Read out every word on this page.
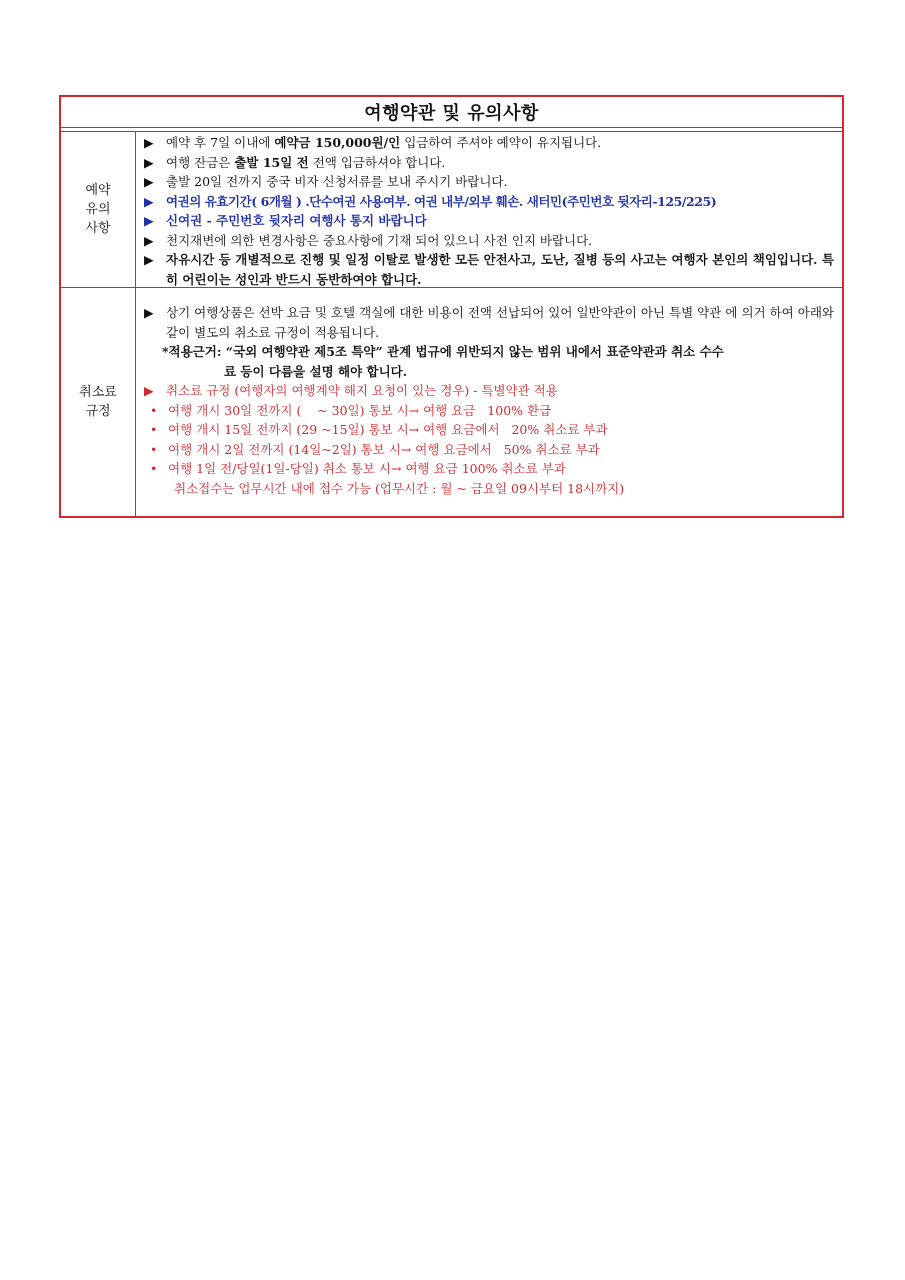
여행약관 및 유의사항
예약
유의
사항
▶ 예약 후 7일 이내에 예약금 150,000원/인 입금하여 주셔야 예약이 유지됩니다.
▶ 여행 잔금은 출발 15일 전 전액 입금하셔야 합니다.
▶ 출발 20일 전까지 중국 비자 신청서류를 보내 주시기 바랍니다.
▶ 여권의 유효기간( 6개월 ) .단수여권 사용여부. 여권 내부/외부 훼손. 새터민(주민번호 뒷자리-125/225)
▶ 신여권 - 주민번호 뒷자리 여행사 통지 바랍니다
▶ 천지재변에 의한 변경사항은 중요사항에 기재 되어 있으니 사전 인지 바랍니다.
▶ 자유시간 등 개별적으로 진행 및 일정 이탈로 발생한 모든 안전사고, 도난, 질병 등의 사고는 여행자 본인의 책임입니다. 특히 어린이는 성인과 반드시 동반하여야 합니다.
취소료
규정
▶ 상기 여행상품은 선박 요금 및 호텔 객실에 대한 비용이 전액 선납되어 있어 일반약관이 아닌 특별 약관 에 의거 하여 아래와 같이 별도의 취소료 규정이 적용됩니다.
*적용근거: “국외 여행약관 제5조 특약” 관계 법규에 위반되지 않는 범위 내에서 표준약관과 취소 수수
료 등이 다름을 설명 해야 합니다.
▶ 취소료 규정 (여행자의 여행계약 해지 요청이 있는 경우) - 특별약관 적용
• 여행 개시 30일 전까지 (    ~ 30일) 통보 시→ 여행 요금   100% 환급
• 여행 개시 15일 전까지 (29 ~15일) 통보 시→ 여행 요금에서   20% 취소료 부과
• 여행 개시 2일 전까지 (14일~2일) 통보 시→ 여행 요금에서   50% 취소료 부과
• 여행 1일 전/당일(1일-당일) 취소 통보 시→ 여행 요금 100% 취소료 부과
취소접수는 업무시간 내에 접수 가능 (업무시간 : 월 ~ 금요일 09시부터 18시까지)
